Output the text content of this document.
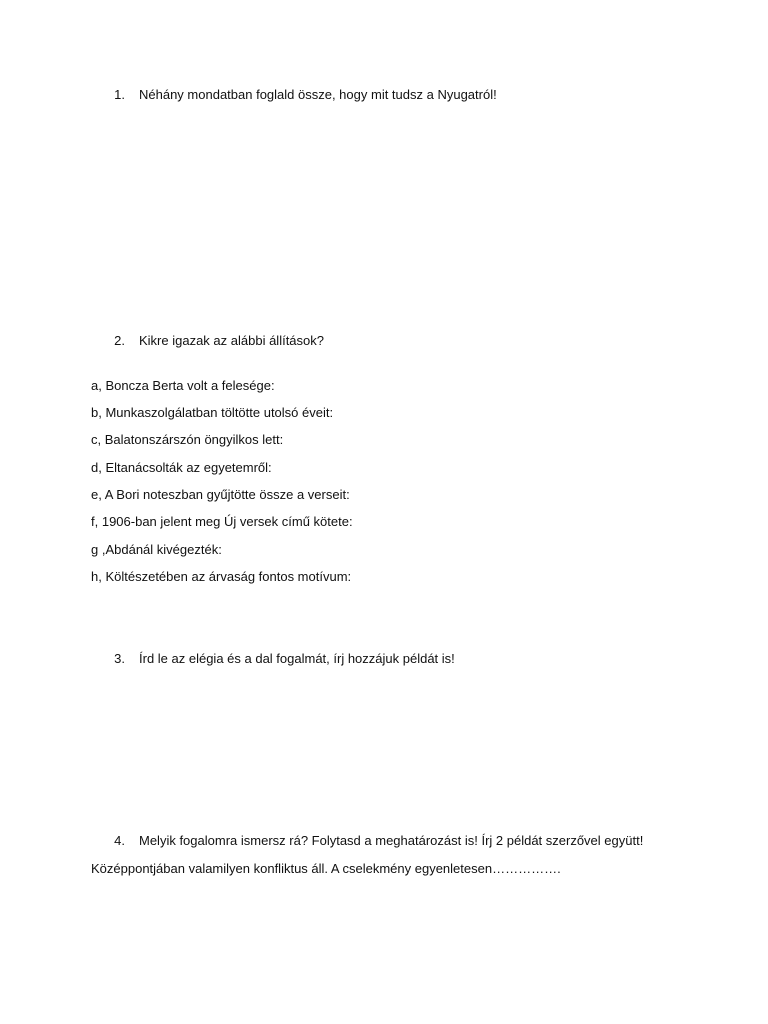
1. Néhány mondatban foglald össze, hogy mit tudsz a Nyugatról!
2. Kikre igazak az alábbi állítások?
a, Boncza Berta volt a felesége:
b, Munkaszolgálatban töltötte utolsó éveit:
c, Balatonszárszón öngyilkos lett:
d, Eltanácsolták az egyetemről:
e, A Bori noteszban gyűjtötte össze a verseit:
f, 1906-ban jelent meg Új versek című kötete:
g ,Abdánál kivégezték:
h, Költészetében az árvaság fontos motívum:
3. Írd le az elégia és a dal fogalmát, írj hozzájuk példát is!
4. Melyik fogalomra ismersz rá? Folytasd a meghatározást is! Írj 2 példát szerzővel együtt!
Középpontjában valamilyen konfliktus áll. A cselekmény egyenletesen…………….
